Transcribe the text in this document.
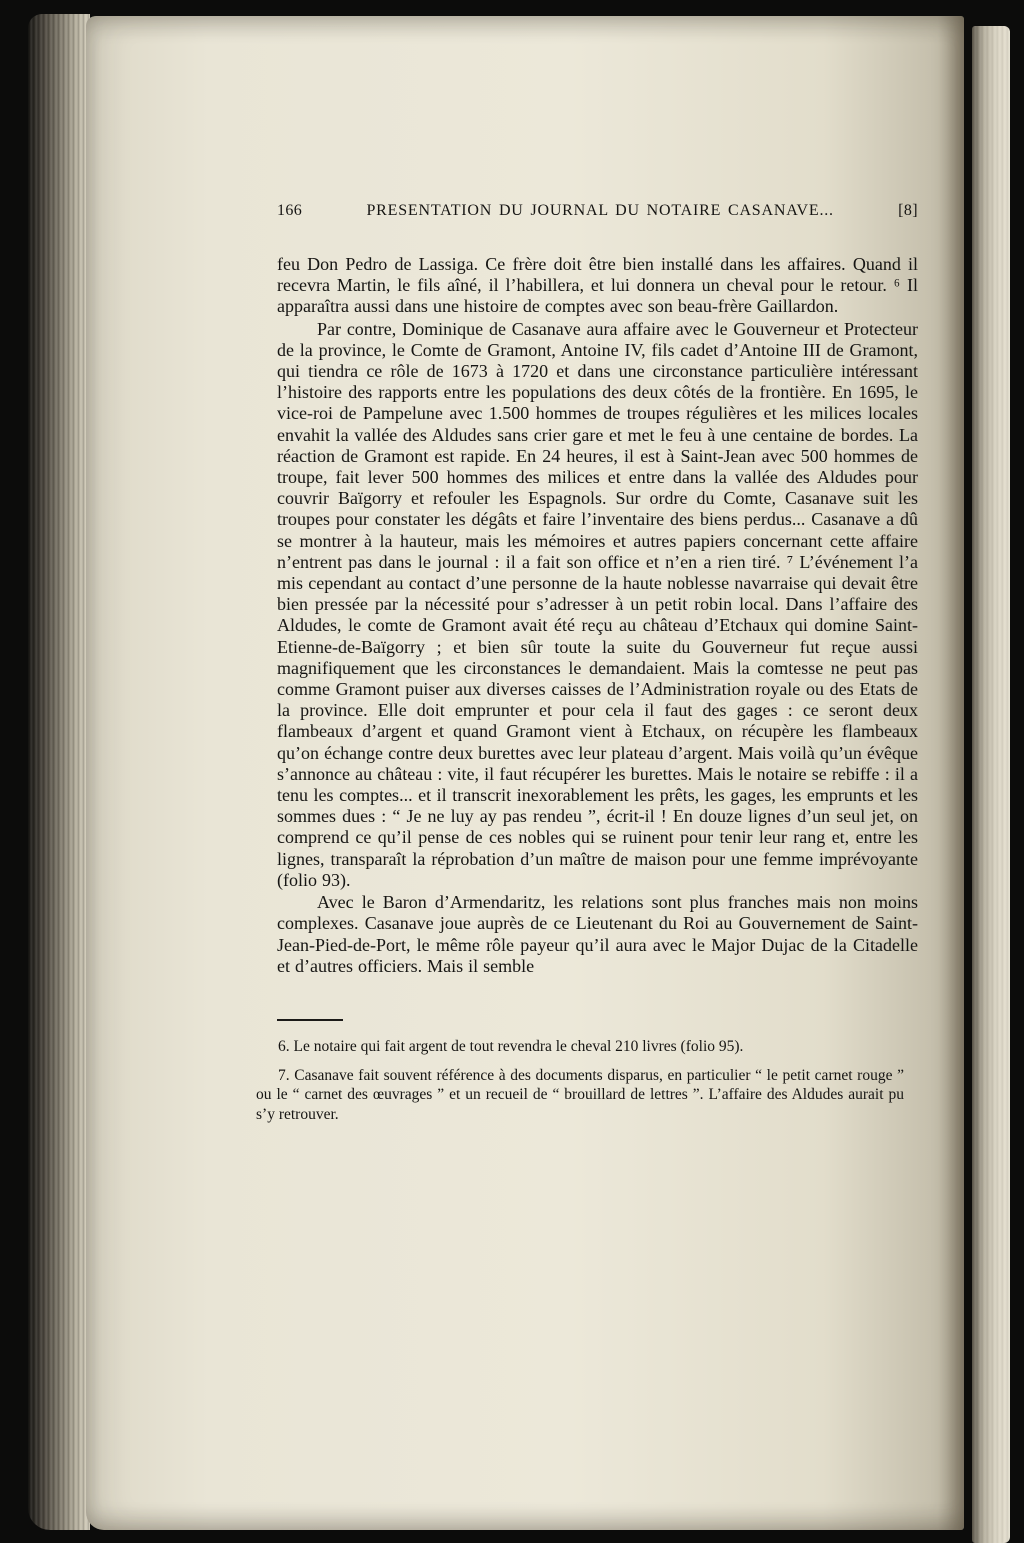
166	PRESENTATION DU JOURNAL DU NOTAIRE CASANAVE...	[8]

feu Don Pedro de Lassiga. Ce frère doit être bien installé dans les affaires. Quand il recevra Martin, le fils aîné, il l’habillera, et lui donnera un cheval pour le retour. ⁶ Il apparaîtra aussi dans une histoire de comptes avec son beau-frère Gaillardon.

Par contre, Dominique de Casanave aura affaire avec le Gouverneur et Protecteur de la province, le Comte de Gramont, Antoine IV, fils cadet d’Antoine III de Gramont, qui tiendra ce rôle de 1673 à 1720 et dans une circonstance particulière intéressant l’histoire des rapports entre les populations des deux côtés de la frontière. En 1695, le vice-roi de Pampelune avec 1.500 hommes de troupes régulières et les milices locales envahit la vallée des Aldudes sans crier gare et met le feu à une centaine de bordes. La réaction de Gramont est rapide. En 24 heures, il est à Saint-Jean avec 500 hommes de troupe, fait lever 500 hommes des milices et entre dans la vallée des Aldudes pour couvrir Baïgorry et refouler les Espagnols. Sur ordre du Comte, Casanave suit les troupes pour constater les dégâts et faire l’inventaire des biens perdus... Casanave a dû se montrer à la hauteur, mais les mémoires et autres papiers concernant cette affaire n’entrent pas dans le journal : il a fait son office et n’en a rien tiré. ⁷ L’événement l’a mis cependant au contact d’une personne de la haute noblesse navarraise qui devait être bien pressée par la nécessité pour s’adresser à un petit robin local. Dans l’affaire des Aldudes, le comte de Gramont avait été reçu au château d’Etchaux qui domine Saint-Etienne-de-Baïgorry ; et bien sûr toute la suite du Gouverneur fut reçue aussi magnifiquement que les circonstances le demandaient. Mais la comtesse ne peut pas comme Gramont puiser aux diverses caisses de l’Administration royale ou des Etats de la province. Elle doit emprunter et pour cela il faut des gages : ce seront deux flambeaux d’argent et quand Gramont vient à Etchaux, on récupère les flambeaux qu’on échange contre deux burettes avec leur plateau d’argent. Mais voilà qu’un évêque s’annonce au château : vite, il faut récupérer les burettes. Mais le notaire se rebiffe : il a tenu les comptes... et il transcrit inexorablement les prêts, les gages, les emprunts et les sommes dues : “ Je ne luy ay pas rendeu ”, écrit-il ! En douze lignes d’un seul jet, on comprend ce qu’il pense de ces nobles qui se ruinent pour tenir leur rang et, entre les lignes, transparaît la réprobation d’un maître de maison pour une femme imprévoyante (folio 93).

Avec le Baron d’Armendaritz, les relations sont plus franches mais non moins complexes. Casanave joue auprès de ce Lieutenant du Roi au Gouvernement de Saint-Jean-Pied-de-Port, le même rôle payeur qu’il aura avec le Major Dujac de la Citadelle et d’autres officiers. Mais il semble

6. Le notaire qui fait argent de tout revendra le cheval 210 livres (folio 95).
7. Casanave fait souvent référence à des documents disparus, en particulier “ le petit carnet rouge ” ou le “ carnet des œuvrages ” et un recueil de “ brouillard de lettres ”. L’affaire des Aldudes aurait pu s’y retrouver.
